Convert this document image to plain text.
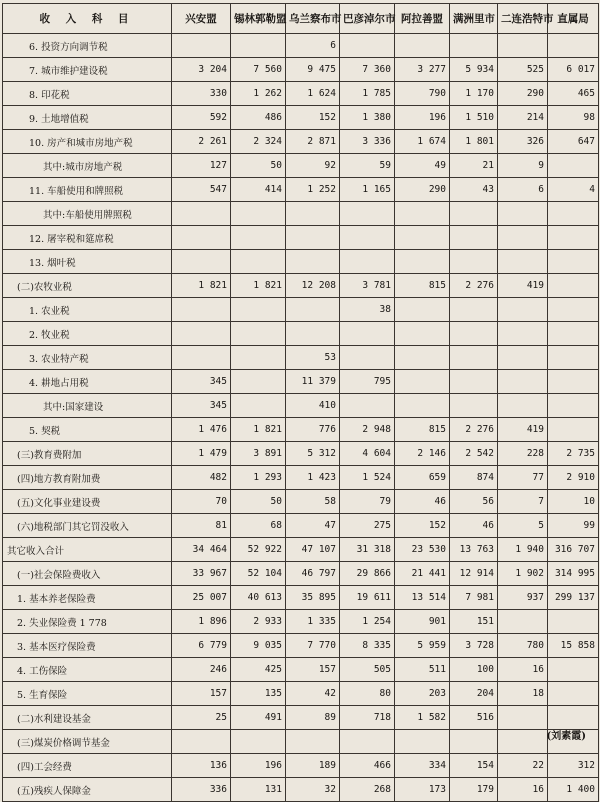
收 入 科 目	兴安盟	锡林郭勒盟	乌兰察布市	巴彦淖尔市	阿拉善盟	满洲里市	二连浩特市	直属局
6. 投资方向调节税			6					
7. 城市维护建设税	3 204	7 560	9 475	7 360	3 277	5 934	525	6 017
8. 印花税	330	1 262	1 624	1 785	790	1 170	290	465
9. 土地增值税	592	486	152	1 380	196	1 510	214	98
10. 房产和城市房地产税	2 261	2 324	2 871	3 336	1 674	1 801	326	647
其中:城市房地产税	127	50	92	59	49	21	9	
11. 车船使用和牌照税	547	414	1 252	1 165	290	43	6	4
其中:车船使用牌照税								
12. 屠宰税和筵席税								
13. 烟叶税								
(二)农牧业税	1 821	1 821	12 208	3 781	815	2 276	419	
1. 农业税				38				
2. 牧业税								
3. 农业特产税			53					
4. 耕地占用税	345		11 379	795				
其中:国家建设	345		410					
5. 契税	1 476	1 821	776	2 948	815	2 276	419	
(三)教育费附加	1 479	3 891	5 312	4 604	2 146	2 542	228	2 735
(四)地方教育附加费	482	1 293	1 423	1 524	659	874	77	2 910
(五)文化事业建设费	70	50	58	79	46	56	7	10
(六)地税部门其它罚没收入	81	68	47	275	152	46	5	99
其它收入合计	34 464	52 922	47 107	31 318	23 530	13 763	1 940	316 707
(一)社会保险费收入	33 967	52 104	46 797	29 866	21 441	12 914	1 902	314 995
1. 基本养老保险费	25 007	40 613	35 895	19 611	13 514	7 981	937	299 137
2. 失业保险费 1 778	1 896	2 933	1 335	1 254	901	151		
3. 基本医疗保险费	6 779	9 035	7 770	8 335	5 959	3 728	780	15 858
4. 工伤保险	246	425	157	505	511	100	16	
5. 生育保险	157	135	42	80	203	204	18	
(二)水利建设基金	25	491	89	718	1 582	516		
(三)煤炭价格调节基金								
(四)工会经费	136	196	189	466	334	154	22	312
(五)残疾人保障金	336	131	32	268	173	179	16	1 400
(刘素霞)
